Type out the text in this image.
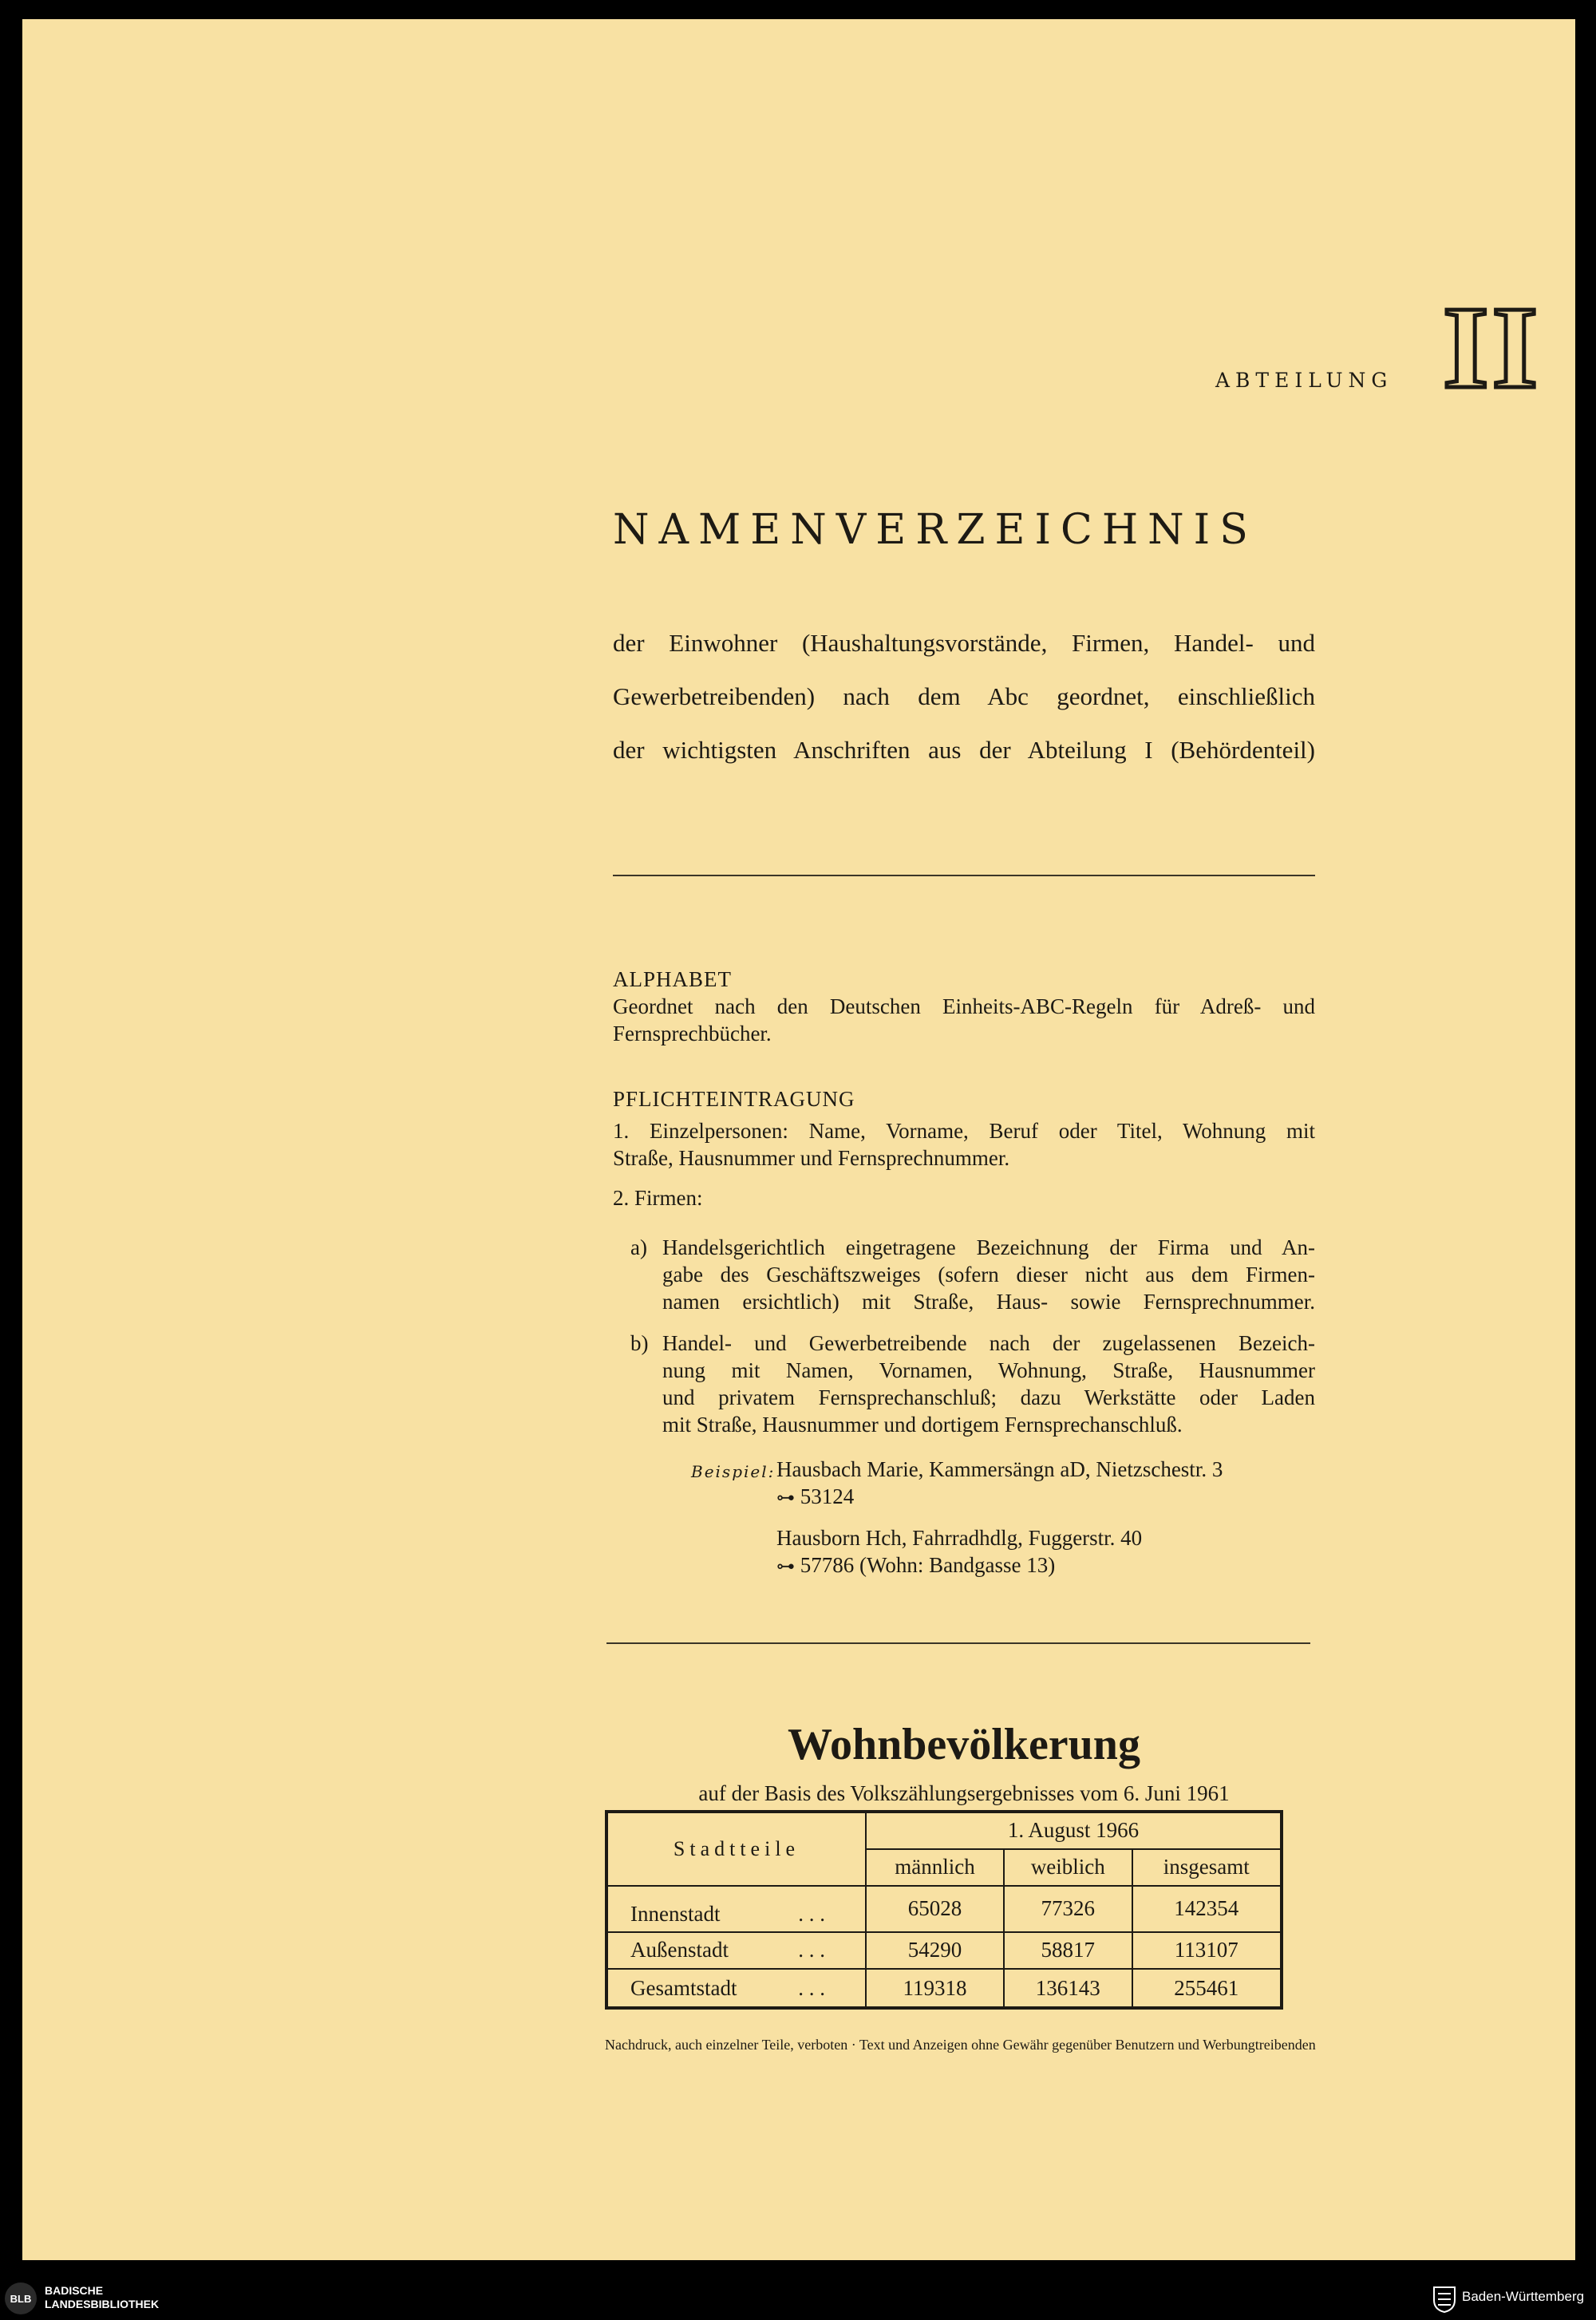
ABTEILUNG II
NAMENVERZEICHNIS
der Einwohner (Haushaltungsvorstände, Firmen, Handel- und
Gewerbetreibenden) nach dem Abc geordnet, einschließlich
der wichtigsten Anschriften aus der Abteilung I (Behördenteil)
ALPHABET
Geordnet nach den Deutschen Einheits-ABC-Regeln für Adreß- und
Fernsprechbücher.
PFLICHTEINTRAGUNG
1. Einzelpersonen: Name, Vorname, Beruf oder Titel, Wohnung mit
Straße, Hausnummer und Fernsprechnummer.
2. Firmen:
a) Handelsgerichtlich eingetragene Bezeichnung der Firma und An-
gabe des Geschäftszweiges (sofern dieser nicht aus dem Firmen-
namen ersichtlich) mit Straße, Haus- sowie Fernsprechnummer.
b) Handel- und Gewerbetreibende nach der zugelassenen Bezeich-
nung mit Namen, Vornamen, Wohnung, Straße, Hausnummer
und privatem Fernsprechanschluß; dazu Werkstätte oder Laden
mit Straße, Hausnummer und dortigem Fernsprechanschluß.
Beispiel: Hausbach Marie, Kammersängn aD, Nietzschestr. 3
⊶ 53124
Hausborn Hch, Fahrradhdlg, Fuggerstr. 40
⊶ 57786 (Wohn: Bandgasse 13)
Wohnbevölkerung
auf der Basis des Volkszählungsergebnisses vom 6. Juni 1961
Stadtteile	1. August 1966		
	männlich	weiblich	insgesamt
Innenstadt . . .	65028	77326	142354
Außenstadt . . .	54290	58817	113107
Gesamtstadt . . .	119318	136143	255461
Nachdruck, auch einzelner Teile, verboten · Text und Anzeigen ohne Gewähr gegenüber Benutzern und Werbungtreibenden
BLB
BADISCHE
LANDESBIBLIOTHEK	Baden-Württemberg
